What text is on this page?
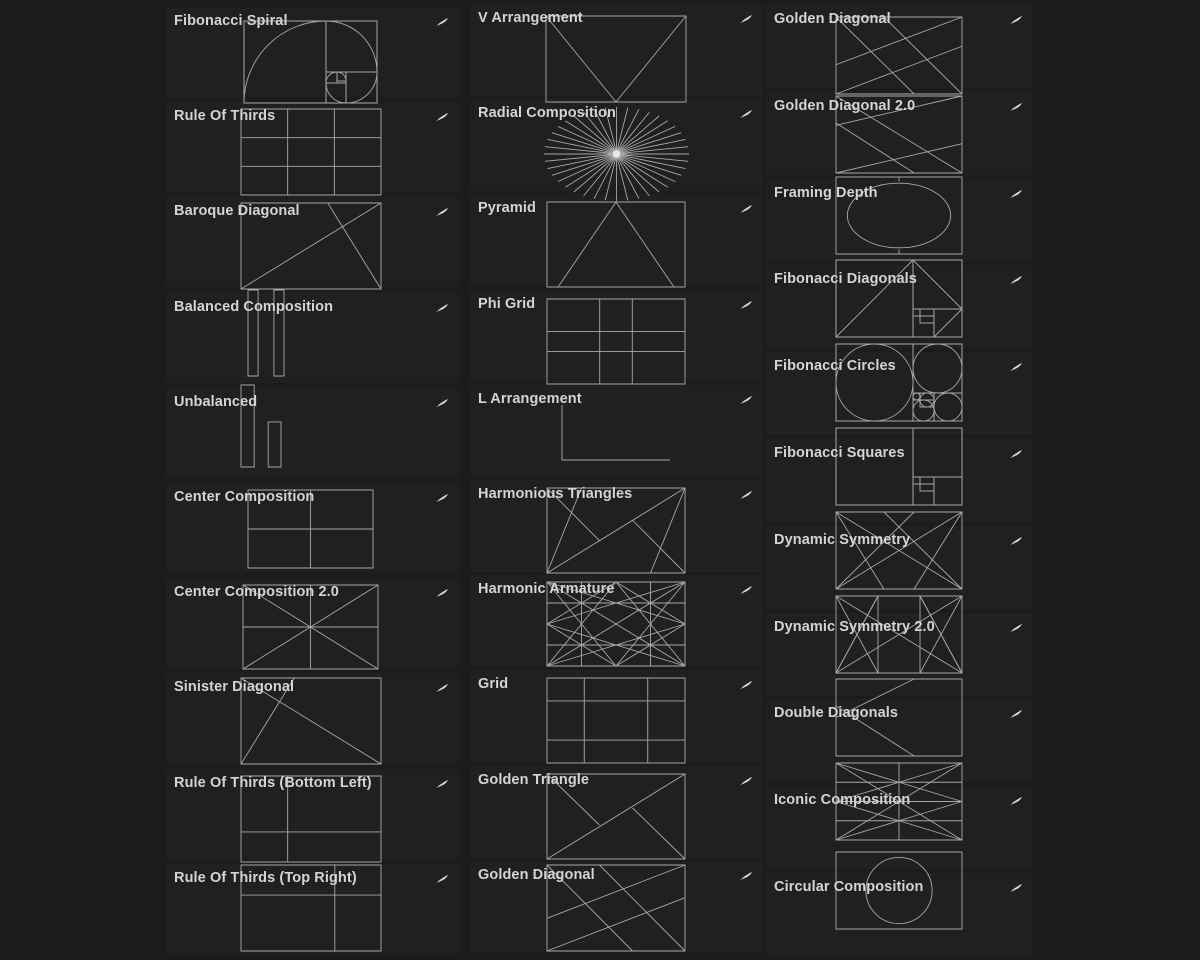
Fibonacci Spiral
Rule Of Thirds
Baroque Diagonal
Balanced Composition
Unbalanced
Center Composition
Center Composition 2.0
Sinister Diagonal
Rule Of Thirds (Bottom Left)
Rule Of Thirds (Top Right)
V Arrangement
Radial Composition
Pyramid
Phi Grid
L Arrangement
Harmonious Triangles
Harmonic Armature
Grid
Golden Triangle
Golden Diagonal
Golden Diagonal
Golden Diagonal 2.0
Framing Depth
Fibonacci Diagonals
Fibonacci Circles
Fibonacci Squares
Dynamic Symmetry
Dynamic Symmetry 2.0
Double Diagonals
Iconic Composition
Circular Composition
